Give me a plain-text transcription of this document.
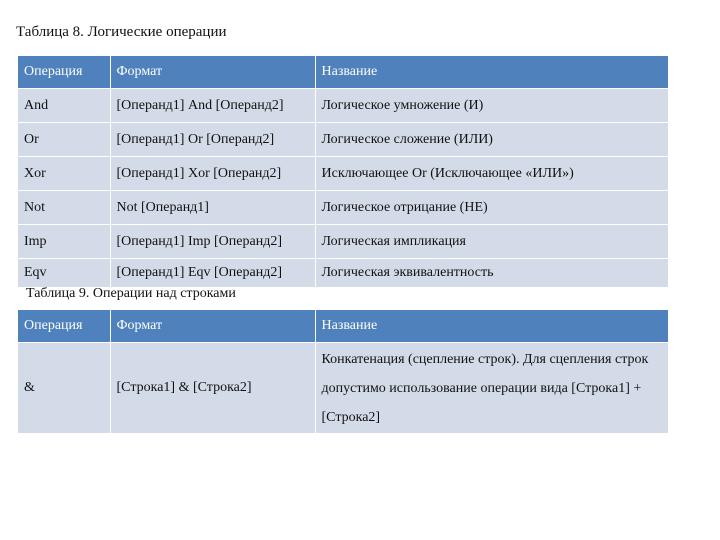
Таблица 8. Логические операции
Операция	Формат	Название
And	[Операнд1] And [Операнд2]	Логическое умножение (И)
Or	[Операнд1] Or [Операнд2]	Логическое сложение (ИЛИ)
Xor	[Операнд1] Xor [Операнд2]	Исключающее Or (Исключающее «ИЛИ»)
Not	Not [Операнд1]	Логическое отрицание (НЕ)
Imp	[Операнд1] Imp [Операнд2]	Логическая импликация
Eqv	[Операнд1] Eqv [Операнд2]	Логическая эквивалентность
Таблица 9. Операции над строками
Операция	Формат	Название
&	[Строка1] & [Строка2]	Конкатенация (сцепление строк). Для сцепления строк допустимо использование операции вида [Строка1] + [Строка2]
